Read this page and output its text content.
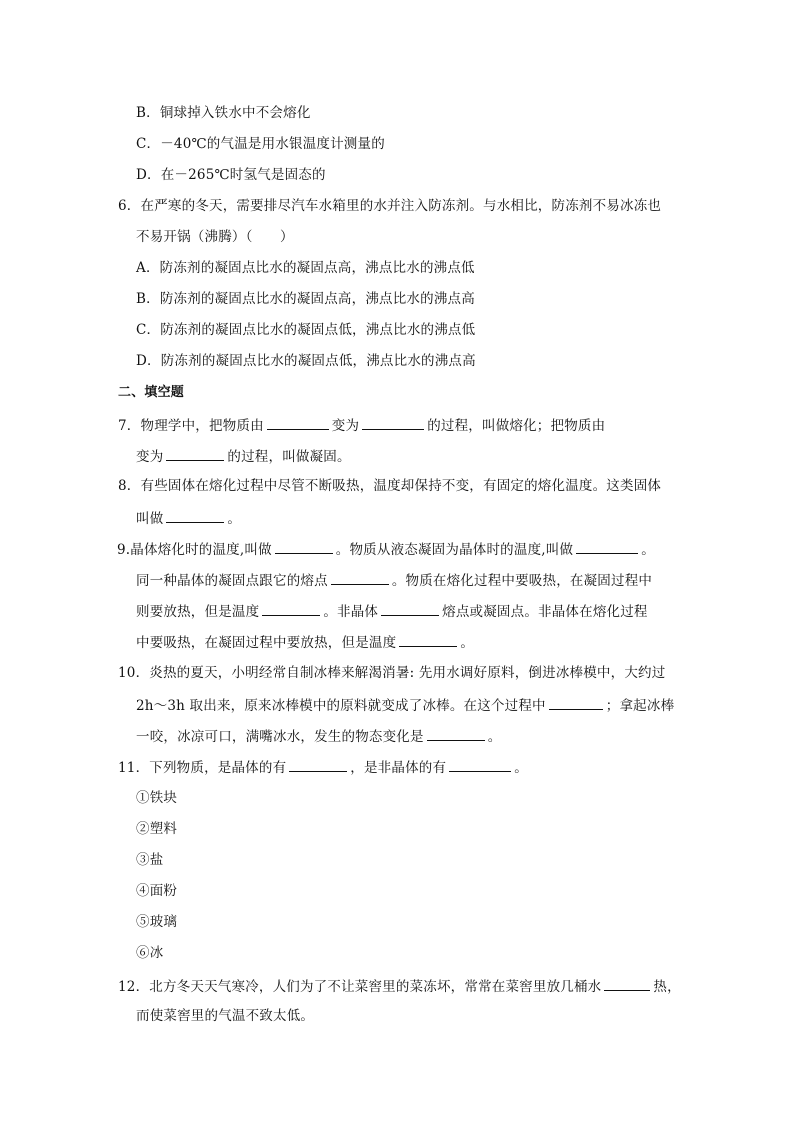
B．铜球掉入铁水中不会熔化
C．－40℃的气温是用水银温度计测量的
D．在－265℃时氢气是固态的
6．在严寒的冬天，需要排尽汽车水箱里的水并注入防冻剂。与水相比，防冻剂不易冰冻也
不易开锅（沸腾）（　　）
A．防冻剂的凝固点比水的凝固点高，沸点比水的沸点低
B．防冻剂的凝固点比水的凝固点高，沸点比水的沸点高
C．防冻剂的凝固点比水的凝固点低，沸点比水的沸点低
D．防冻剂的凝固点比水的凝固点低，沸点比水的沸点高
二、填空题
7．物理学中，把物质由	变为	的过程，叫做熔化；把物质由
变为	的过程，叫做凝固。
8．有些固体在熔化过程中尽管不断吸热，温度却保持不变，有固定的熔化温度。这类固体
叫做	。
9.晶体熔化时的温度,叫做	。物质从液态凝固为晶体时的温度,叫做	。
同一种晶体的凝固点跟它的熔点	。物质在熔化过程中要吸热，在凝固过程中
则要放热，但是温度	。非晶体	熔点或凝固点。非晶体在熔化过程
中要吸热，在凝固过程中要放热，但是温度	。
10．炎热的夏天，小明经常自制冰棒来解渴消暑: 先用水调好原料，倒进冰棒模中，大约过
2h～3h 取出来，原来冰棒模中的原料就变成了冰棒。在这个过程中	；拿起冰棒
一咬，冰凉可口，满嘴冰水，发生的物态变化是	。
11．下列物质，是晶体的有	，是非晶体的有	。
①铁块
②塑料
③盐
④面粉
⑤玻璃
⑥冰
12．北方冬天天气寒冷，人们为了不让菜窖里的菜冻坏，常常在菜窖里放几桶水	热，
而使菜窖里的气温不致太低。
